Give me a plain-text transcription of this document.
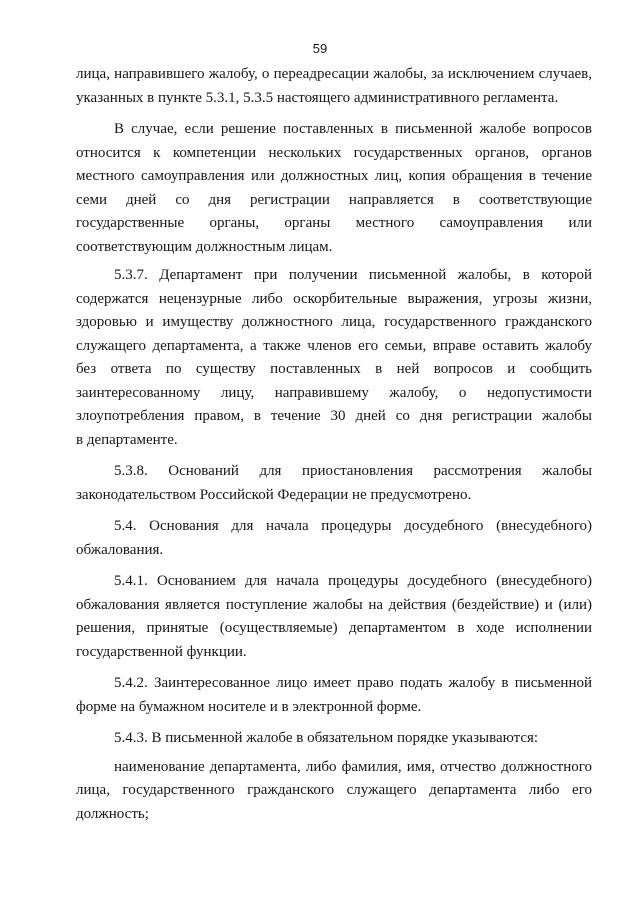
59

лица, направившего жалобу, о переадресации жалобы, за исключением случаев,
указанных в пункте 5.3.1, 5.3.5 настоящего административного регламента.

В случае, если решение поставленных в письменной жалобе вопросов
относится к компетенции нескольких государственных органов, органов
местного самоуправления или должностных лиц, копия обращения в течение
семи дней со дня регистрации направляется в соответствующие
государственные органы, органы местного самоуправления или
соответствующим должностным лицам.

5.3.7. Департамент при получении письменной жалобы, в которой
содержатся нецензурные либо оскорбительные выражения, угрозы жизни,
здоровью и имуществу должностного лица, государственного гражданского
служащего департамента, а также членов его семьи, вправе оставить жалобу
без ответа по существу поставленных в ней вопросов и сообщить
заинтересованному лицу, направившему жалобу, о недопустимости
злоупотребления правом, в течение 30 дней со дня регистрации жалобы
в департаменте.

5.3.8. Оснований для приостановления рассмотрения жалобы
законодательством Российской Федерации не предусмотрено.

5.4. Основания для начала процедуры досудебного (внесудебного)
обжалования.

5.4.1. Основанием для начала процедуры досудебного (внесудебного)
обжалования является поступление жалобы на действия (бездействие) и (или)
решения, принятые (осуществляемые) департаментом в ходе исполнении
государственной функции.

5.4.2. Заинтересованное лицо имеет право подать жалобу в письменной
форме на бумажном носителе и в электронной форме.

5.4.3. В письменной жалобе в обязательном порядке указываются:

наименование департамента, либо фамилия, имя, отчество должностного
лица, государственного гражданского служащего департамента либо его
должность;
